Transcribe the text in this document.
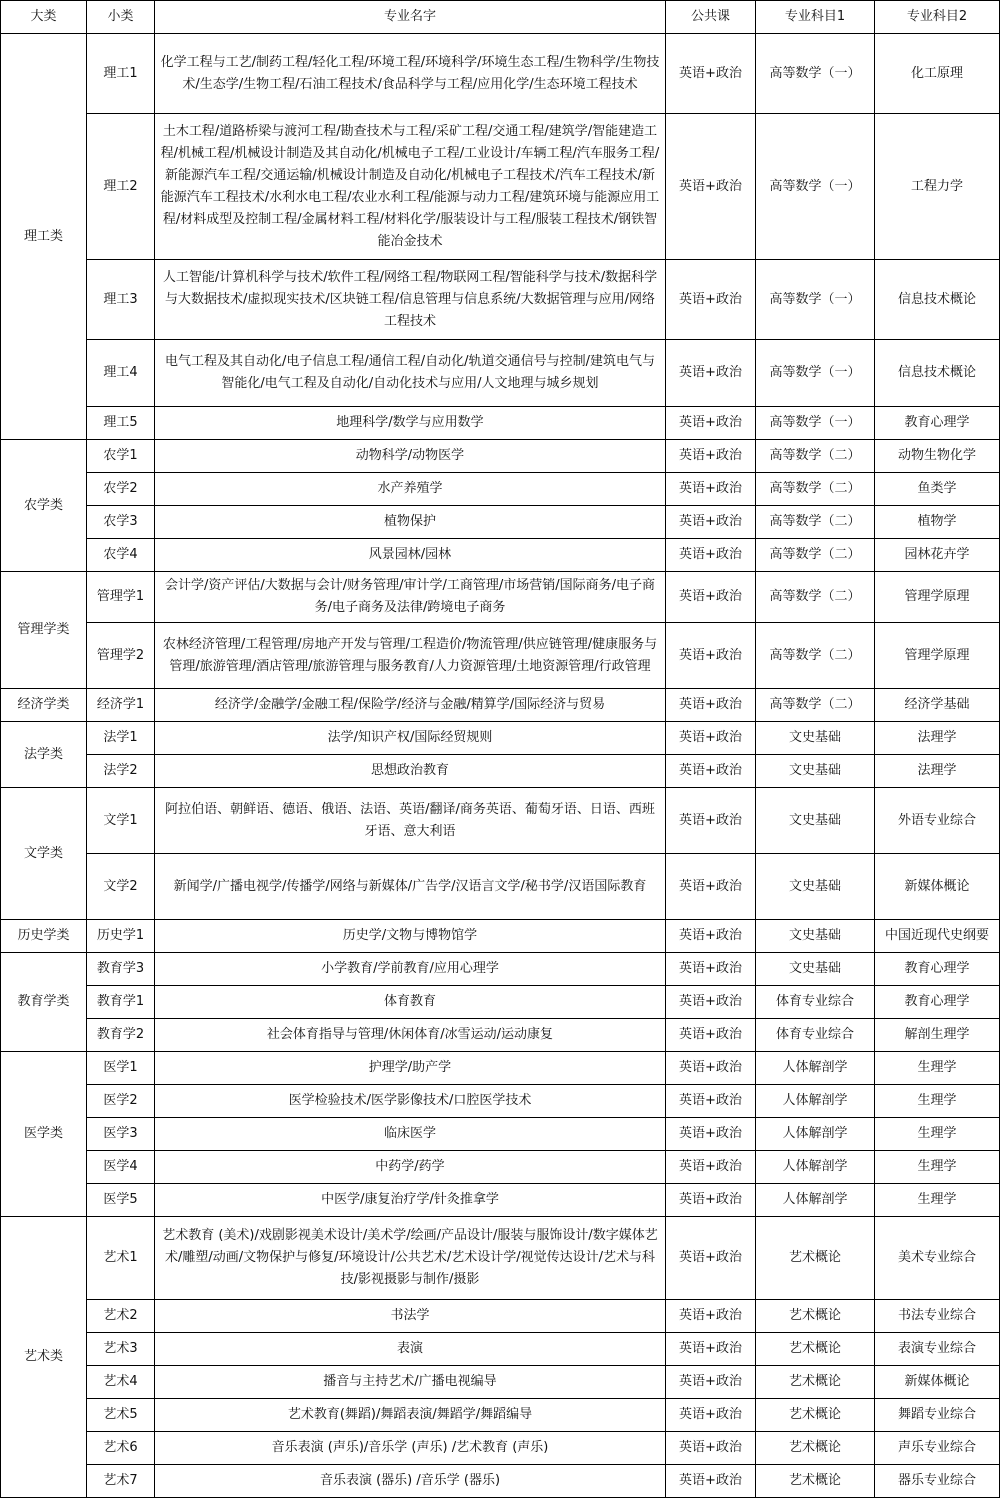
大类	小类	专业名字	公共课	专业科目1	专业科目2
理工类	理工1	化学工程与工艺/制药工程/轻化工程/环境工程/环境科学/环境生态工程/生物科学/生物技术/生态学/生物工程/石油工程技术/食品科学与工程/应用化学/生态环境工程技术	英语+政治	高等数学（一）	化工原理
	理工2	土木工程/道路桥梁与渡河工程/勘查技术与工程/采矿工程/交通工程/建筑学/智能建造工程/机械工程/机械设计制造及其自动化/机械电子工程/工业设计/车辆工程/汽车服务工程/新能源汽车工程/交通运输/机械设计制造及自动化/机械电子工程技术/汽车工程技术/新能源汽车工程技术/水利水电工程/农业水利工程/能源与动力工程/建筑环境与能源应用工程/材料成型及控制工程/金属材料工程/材料化学/服装设计与工程/服装工程技术/钢铁智能冶金技术	英语+政治	高等数学（一）	工程力学
	理工3	人工智能/计算机科学与技术/软件工程/网络工程/物联网工程/智能科学与技术/数据科学与大数据技术/虚拟现实技术/区块链工程/信息管理与信息系统/大数据管理与应用/网络工程技术	英语+政治	高等数学（一）	信息技术概论
	理工4	电气工程及其自动化/电子信息工程/通信工程/自动化/轨道交通信号与控制/建筑电气与智能化/电气工程及自动化/自动化技术与应用/人文地理与城乡规划	英语+政治	高等数学（一）	信息技术概论
	理工5	地理科学/数学与应用数学	英语+政治	高等数学（一）	教育心理学
农学类	农学1	动物科学/动物医学	英语+政治	高等数学（二）	动物生物化学
	农学2	水产养殖学	英语+政治	高等数学（二）	鱼类学
	农学3	植物保护	英语+政治	高等数学（二）	植物学
	农学4	风景园林/园林	英语+政治	高等数学（二）	园林花卉学
管理学类	管理学1	会计学/资产评估/大数据与会计/财务管理/审计学/工商管理/市场营销/国际商务/电子商务/电子商务及法律/跨境电子商务	英语+政治	高等数学（二）	管理学原理
	管理学2	农林经济管理/工程管理/房地产开发与管理/工程造价/物流管理/供应链管理/健康服务与管理/旅游管理/酒店管理/旅游管理与服务教育/人力资源管理/土地资源管理/行政管理	英语+政治	高等数学（二）	管理学原理
经济学类	经济学1	经济学/金融学/金融工程/保险学/经济与金融/精算学/国际经济与贸易	英语+政治	高等数学（二）	经济学基础
法学类	法学1	法学/知识产权/国际经贸规则	英语+政治	文史基础	法理学
	法学2	思想政治教育	英语+政治	文史基础	法理学
文学类	文学1	阿拉伯语、朝鲜语、德语、俄语、法语、英语/翻译/商务英语、葡萄牙语、日语、西班牙语、意大利语	英语+政治	文史基础	外语专业综合
	文学2	新闻学/广播电视学/传播学/网络与新媒体/广告学/汉语言文学/秘书学/汉语国际教育	英语+政治	文史基础	新媒体概论
历史学类	历史学1	历史学/文物与博物馆学	英语+政治	文史基础	中国近现代史纲要
教育学类	教育学3	小学教育/学前教育/应用心理学	英语+政治	文史基础	教育心理学
	教育学1	体育教育	英语+政治	体育专业综合	教育心理学
	教育学2	社会体育指导与管理/休闲体育/冰雪运动/运动康复	英语+政治	体育专业综合	解剖生理学
医学类	医学1	护理学/助产学	英语+政治	人体解剖学	生理学
	医学2	医学检验技术/医学影像技术/口腔医学技术	英语+政治	人体解剖学	生理学
	医学3	临床医学	英语+政治	人体解剖学	生理学
	医学4	中药学/药学	英语+政治	人体解剖学	生理学
	医学5	中医学/康复治疗学/针灸推拿学	英语+政治	人体解剖学	生理学
艺术类	艺术1	艺术教育 (美术)/戏剧影视美术设计/美术学/绘画/产品设计/服装与服饰设计/数字媒体艺术/雕塑/动画/文物保护与修复/环境设计/公共艺术/艺术设计学/视觉传达设计/艺术与科技/影视摄影与制作/摄影	英语+政治	艺术概论	美术专业综合
	艺术2	书法学	英语+政治	艺术概论	书法专业综合
	艺术3	表演	英语+政治	艺术概论	表演专业综合
	艺术4	播音与主持艺术/广播电视编导	英语+政治	艺术概论	新媒体概论
	艺术5	艺术教育(舞蹈)/舞蹈表演/舞蹈学/舞蹈编导	英语+政治	艺术概论	舞蹈专业综合
	艺术6	音乐表演 (声乐)/音乐学 (声乐) /艺术教育 (声乐)	英语+政治	艺术概论	声乐专业综合
	艺术7	音乐表演 (器乐) /音乐学 (器乐)	英语+政治	艺术概论	器乐专业综合
